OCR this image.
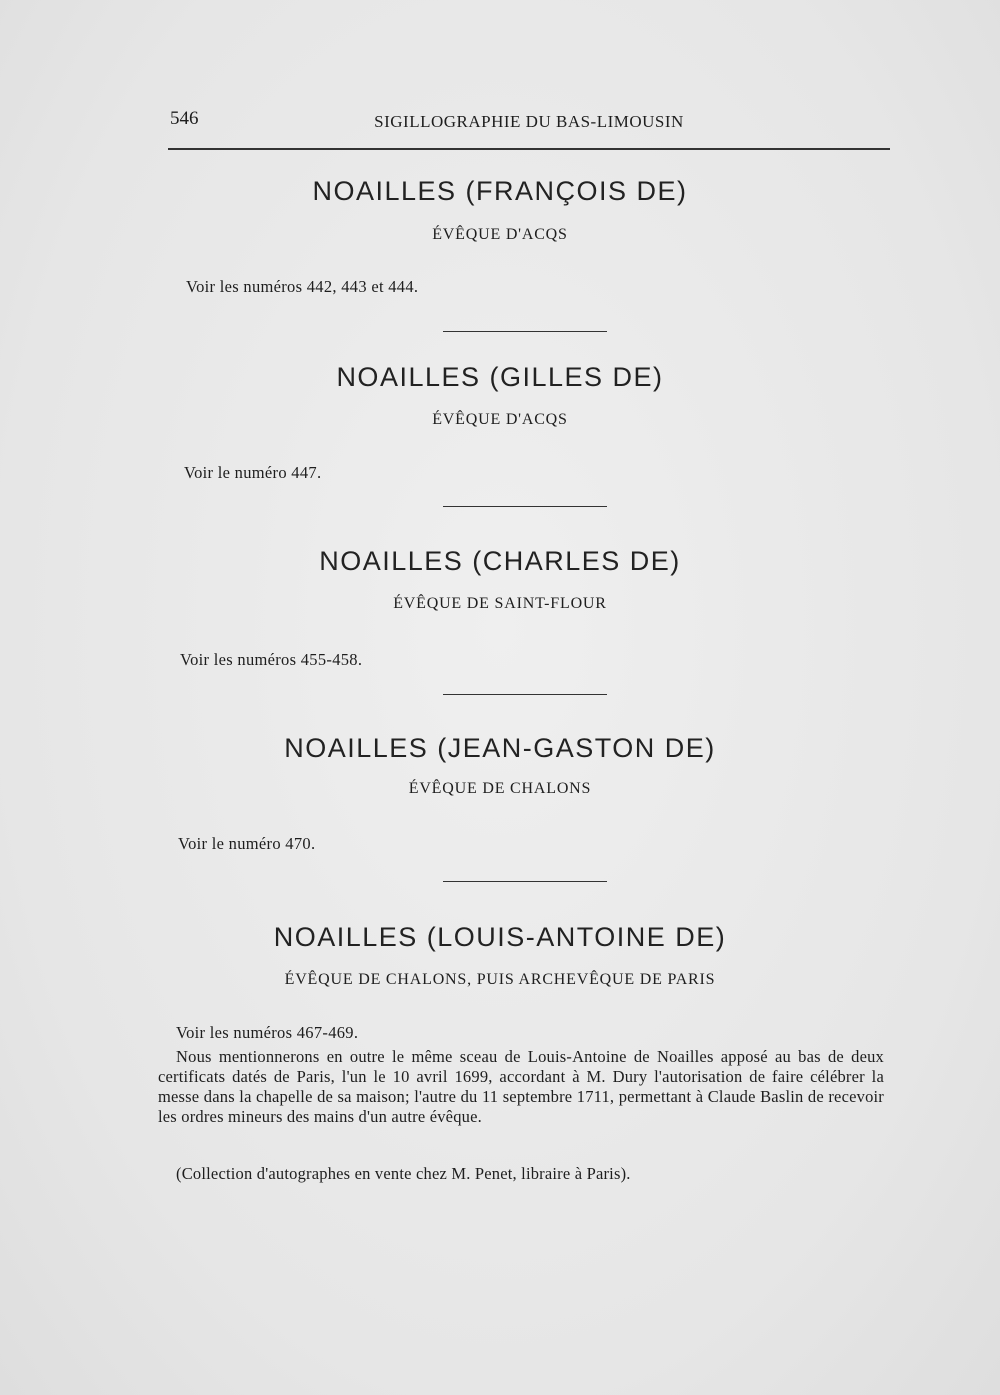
546	SIGILLOGRAPHIE DU BAS-LIMOUSIN
NOAILLES (FRANÇOIS DE)
ÉVÊQUE D'ACQS
Voir les numéros 442, 443 et 444.
NOAILLES (GILLES DE)
ÉVÊQUE D'ACQS
Voir le numéro 447.
NOAILLES (CHARLES DE)
ÉVÊQUE DE SAINT-FLOUR
Voir les numéros 455-458.
NOAILLES (JEAN-GASTON DE)
ÉVÊQUE DE CHALONS
Voir le numéro 470.
NOAILLES (LOUIS-ANTOINE DE)
ÉVÊQUE DE CHALONS, PUIS ARCHEVÊQUE DE PARIS
Voir les numéros 467-469.
Nous mentionnerons en outre le même sceau de Louis-Antoine de Noailles apposé au bas de deux certificats datés de Paris, l'un le 10 avril 1699, accordant à M. Dury l'autorisation de faire célébrer la messe dans la chapelle de sa maison; l'autre du 11 septembre 1711, permettant à Claude Baslin de recevoir les ordres mineurs des mains d'un autre évêque.
(Collection d'autographes en vente chez M. Penet, libraire à Paris).
